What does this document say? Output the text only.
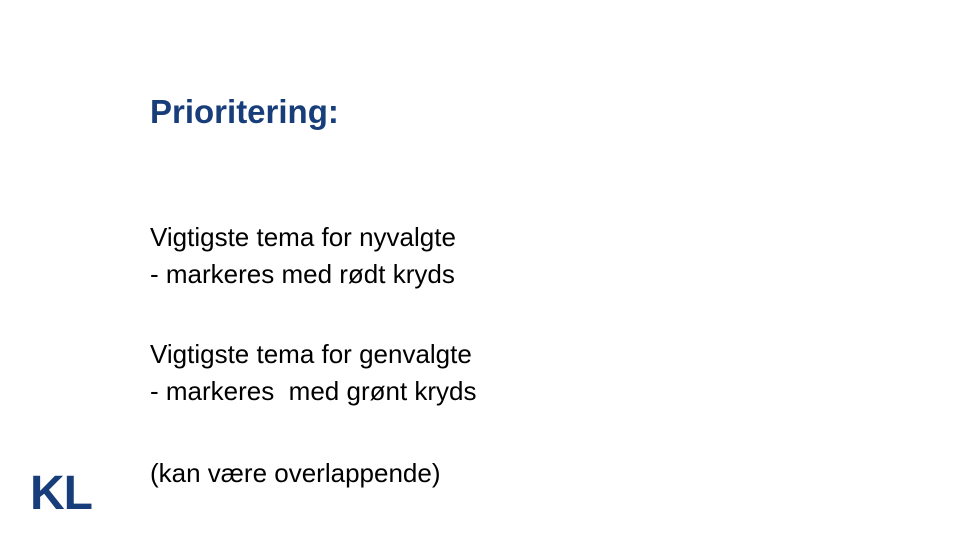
Prioritering:

Vigtigste tema for nyvalgte

- markeres med rødt kryds

Vigtigste tema for genvalgte

- markeres  med grønt kryds

(kan være overlappende)

KL
